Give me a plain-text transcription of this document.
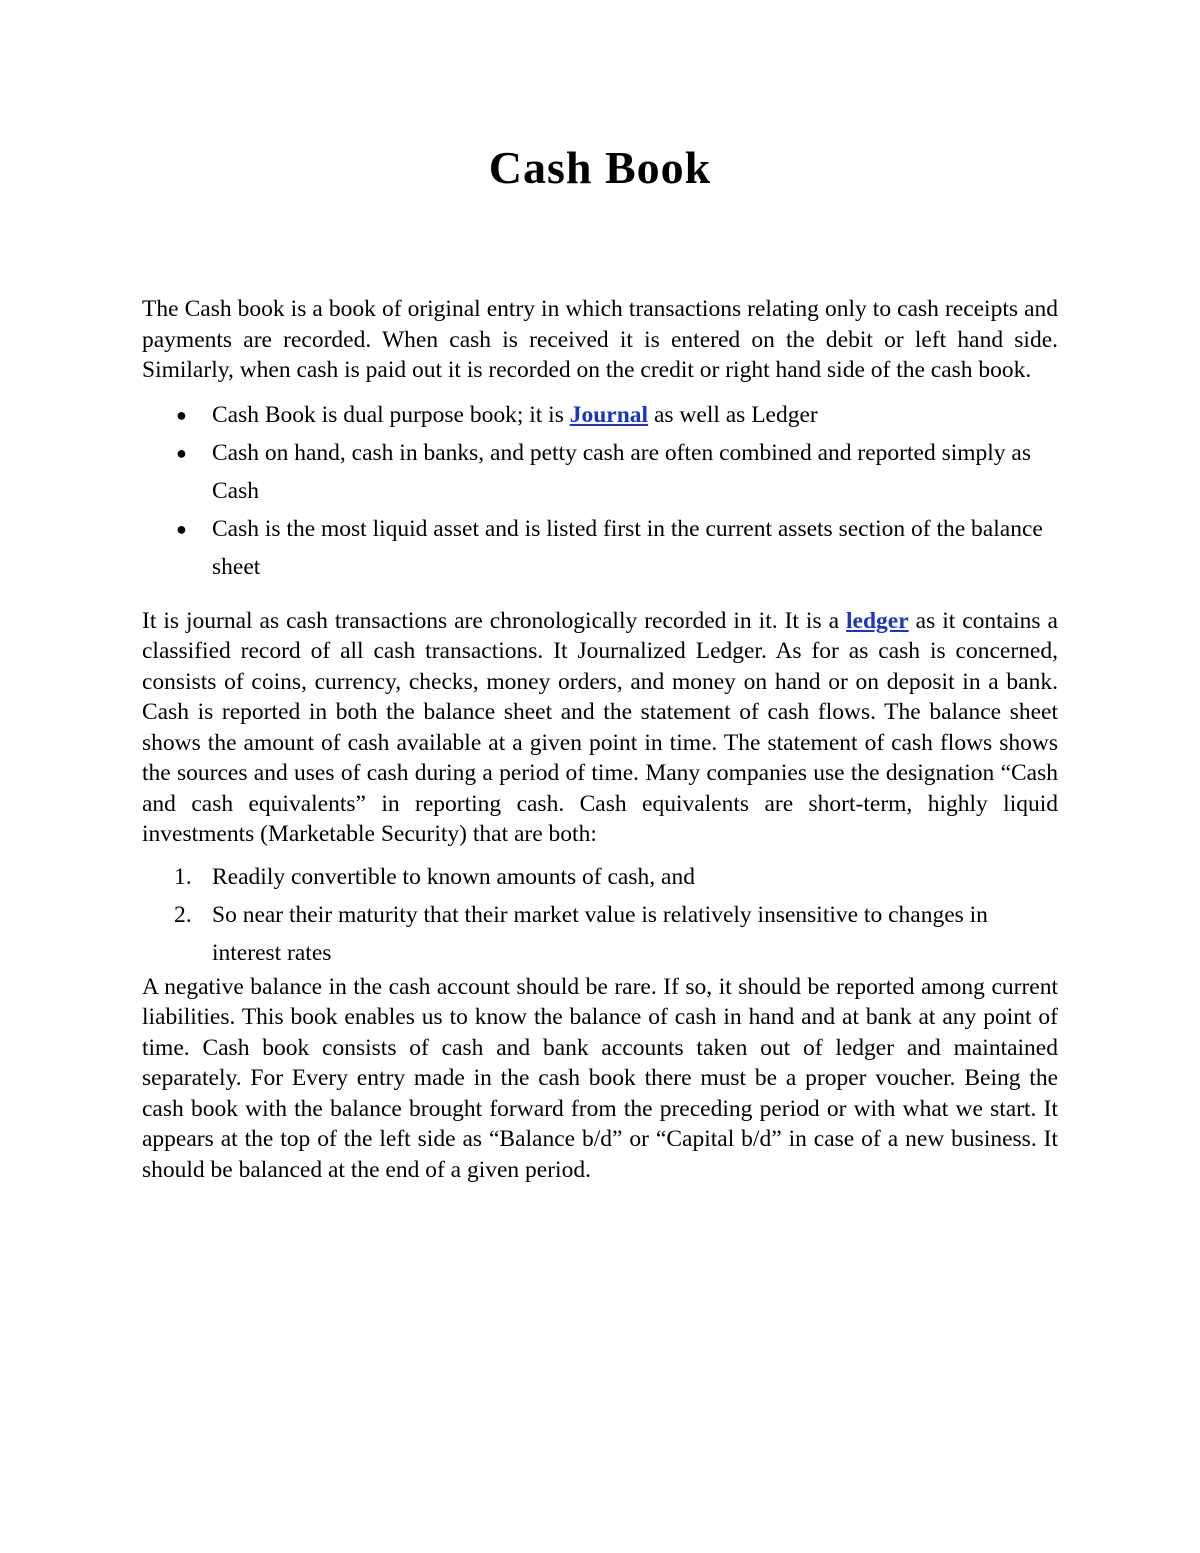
Cash Book

The Cash book is a book of original entry in which transactions relating only to cash receipts and payments are recorded. When cash is received it is entered on the debit or left hand side. Similarly, when cash is paid out it is recorded on the credit or right hand side of the cash book.

● Cash Book is dual purpose book; it is Journal as well as Ledger
● Cash on hand, cash in banks, and petty cash are often combined and reported simply as Cash
● Cash is the most liquid asset and is listed first in the current assets section of the balance sheet

It is journal as cash transactions are chronologically recorded in it. It is a ledger as it contains a classified record of all cash transactions. It Journalized Ledger. As for as cash is concerned, consists of coins, currency, checks, money orders, and money on hand or on deposit in a bank. Cash is reported in both the balance sheet and the statement of cash flows. The balance sheet shows the amount of cash available at a given point in time. The statement of cash flows shows the sources and uses of cash during a period of time. Many companies use the designation “Cash and cash equivalents” in reporting cash. Cash equivalents are short-term, highly liquid investments (Marketable Security) that are both:

1. Readily convertible to known amounts of cash, and
2. So near their maturity that their market value is relatively insensitive to changes in interest rates

A negative balance in the cash account should be rare. If so, it should be reported among current liabilities. This book enables us to know the balance of cash in hand and at bank at any point of time. Cash book consists of cash and bank accounts taken out of ledger and maintained separately. For Every entry made in the cash book there must be a proper voucher. Being the cash book with the balance brought forward from the preceding period or with what we start. It appears at the top of the left side as “Balance b/d” or “Capital b/d” in case of a new business. It should be balanced at the end of a given period.
